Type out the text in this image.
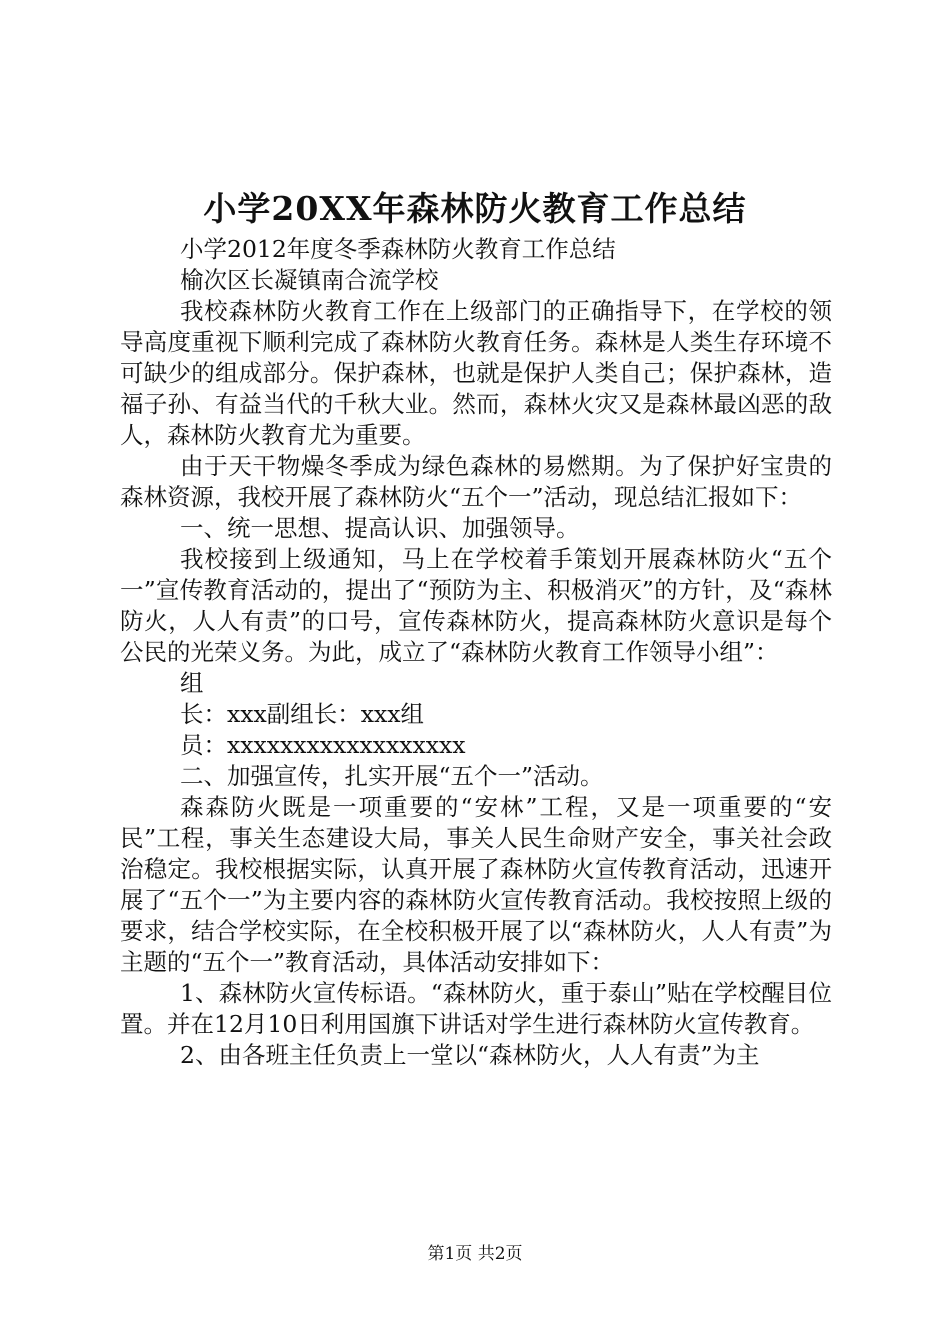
小学20XX年森林防火教育工作总结

小学2012年度冬季森林防火教育工作总结

榆次区长凝镇南合流学校

我校森林防火教育工作在上级部门的正确指导下，在学校的领导高度重视下顺利完成了森林防火教育任务。森林是人类生存环境不可缺少的组成部分。保护森林，也就是保护人类自己；保护森林，造福子孙、有益当代的千秋大业。然而，森林火灾又是森林最凶恶的敌人，森林防火教育尤为重要。

由于天干物燥冬季成为绿色森林的易燃期。为了保护好宝贵的森林资源，我校开展了森林防火“五个一”活动，现总结汇报如下：

一、统一思想、提高认识、加强领导。

我校接到上级通知，马上在学校着手策划开展森林防火“五个一”宣传教育活动的，提出了“预防为主、积极消灭”的方针，及“森林防火，人人有责”的口号，宣传森林防火，提高森林防火意识是每个公民的光荣义务。为此，成立了“森林防火教育工作领导小组”：

组

长：xxx副组长：xxx组

员：xxxxxxxxxxxxxxxxxx

二、加强宣传，扎实开展“五个一”活动。

森森防火既是一项重要的“安林”工程，又是一项重要的“安民”工程，事关生态建设大局，事关人民生命财产安全，事关社会政治稳定。我校根据实际，认真开展了森林防火宣传教育活动，迅速开展了“五个一”为主要内容的森林防火宣传教育活动。我校按照上级的要求，结合学校实际，在全校积极开展了以“森林防火，人人有责”为主题的“五个一”教育活动，具体活动安排如下：

1、森林防火宣传标语。“森林防火，重于泰山”贴在学校醒目位置。并在12月10日利用国旗下讲话对学生进行森林防火宣传教育。

2、由各班主任负责上一堂以“森林防火，人人有责”为主

第1页 共2页
